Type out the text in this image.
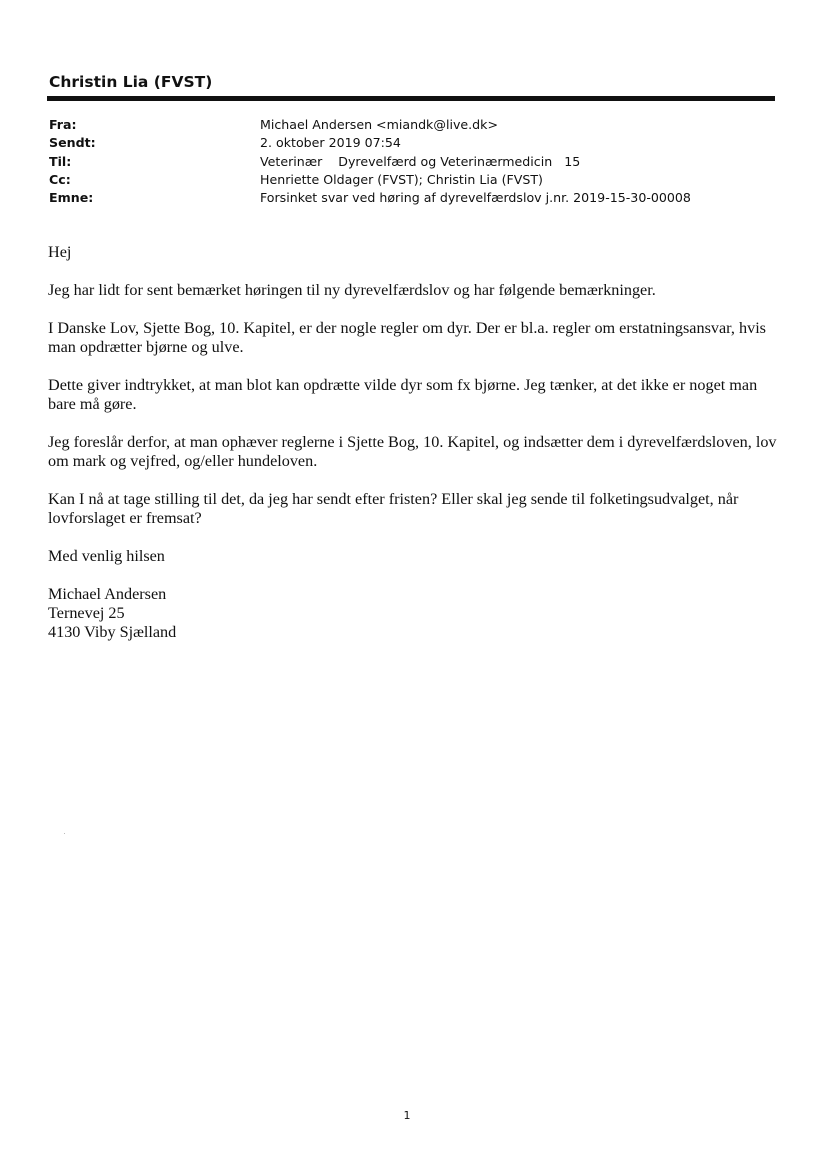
Christin Lia (FVST)
Fra:	Michael Andersen <miandk@live.dk>
Sendt:	2. oktober 2019 07:54
Til:	Veterinær    Dyrevelfærd og Veterinærmedicin   15
Cc:	Henriette Oldager (FVST); Christin Lia (FVST)
Emne:	Forsinket svar ved høring af dyrevelfærdslov j.nr. 2019-15-30-00008

Hej

Jeg har lidt for sent bemærket høringen til ny dyrevelfærdslov og har følgende bemærkninger.

I Danske Lov, Sjette Bog, 10. Kapitel, er der nogle regler om dyr. Der er bl.a. regler om erstatningsansvar, hvis man opdrætter bjørne og ulve.

Dette giver indtrykket, at man blot kan opdrætte vilde dyr som fx bjørne. Jeg tænker, at det ikke er noget man bare må gøre.

Jeg foreslår derfor, at man ophæver reglerne i Sjette Bog, 10. Kapitel, og indsætter dem i dyrevelfærdsloven, lov om mark og vejfred, og/eller hundeloven.

Kan I nå at tage stilling til det, da jeg har sendt efter fristen? Eller skal jeg sende til folketingsudvalget, når lovforslaget er fremsat?

Med venlig hilsen

Michael Andersen

Ternevej 25

4130 Viby Sjælland

1
